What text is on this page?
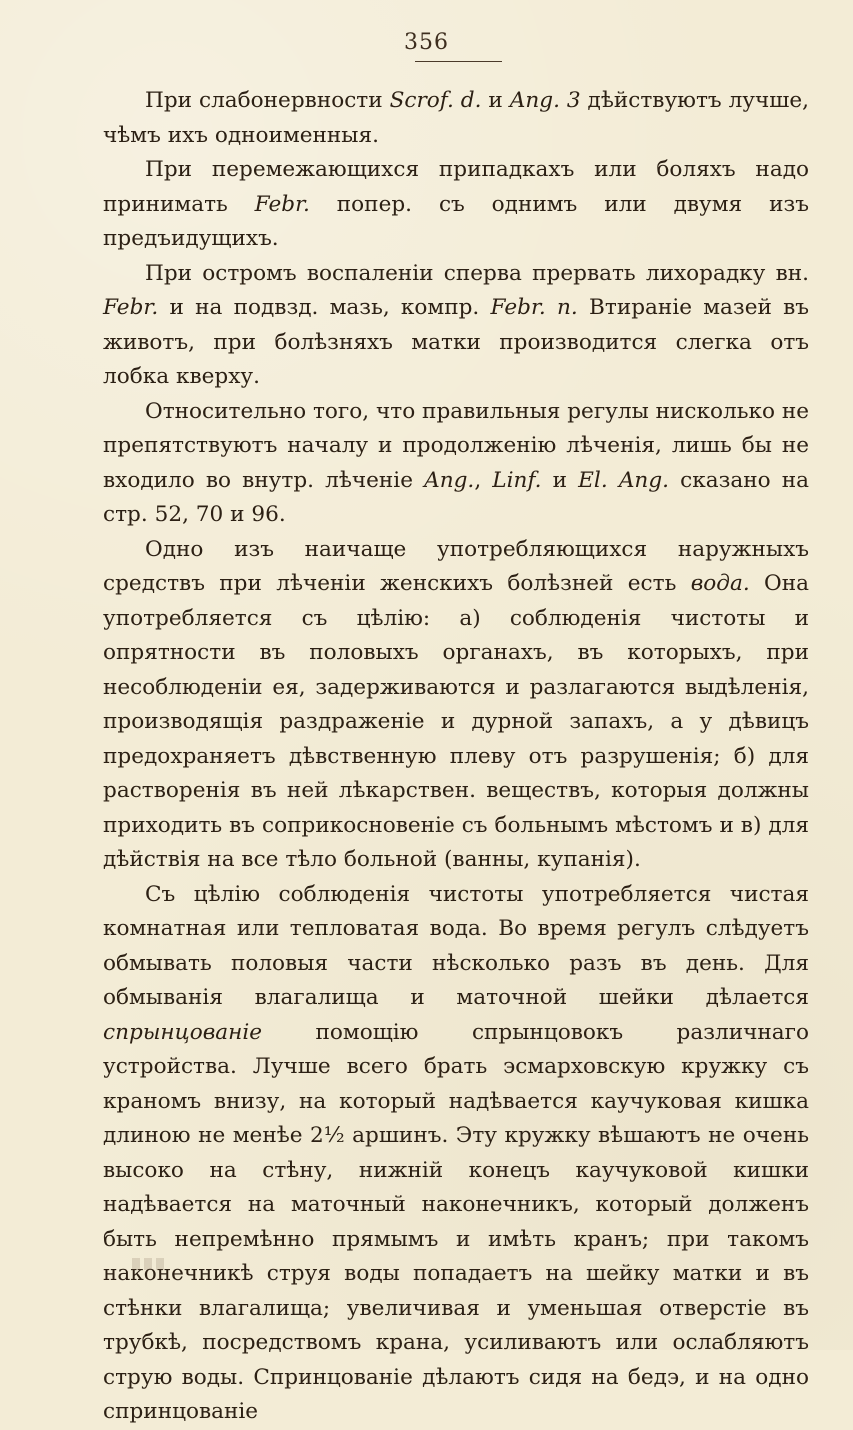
356

При слабонервности Scrof. d. и Ang. 3 дѣйствуютъ лучше, чѣмъ ихъ одноименныя.

При перемежающихся припадкахъ или боляхъ надо принимать Febr. попер. съ однимъ или двумя изъ предъидущихъ.

При остромъ воспаленіи сперва прервать лихорадку вн. Febr. и на подвзд. мазь, компр. Febr. n. Втираніе мазей въ животъ, при болѣзняхъ матки производится слегка отъ лобка кверху.

Относительно того, что правильныя регулы нисколько не препятствуютъ началу и продолженію лѣченія, лишь бы не входило во внутр. лѣченіе Ang., Linf. и El. Ang. сказано на стр. 52, 70 и 96.

Одно изъ наичаще употребляющихся наружныхъ средствъ при лѣченіи женскихъ болѣзней есть вода. Она употребляется съ цѣлію: а) соблюденія чистоты и опрятности въ половыхъ органахъ, въ которыхъ, при несоблюденіи ея, задерживаются и разлагаются выдѣленія, производящія раздраженіе и дурной запахъ, а у дѣвицъ предохраняетъ дѣвственную плеву отъ разрушенія; б) для растворенія въ ней лѣкарствен. веществъ, которыя должны приходить въ соприкосновеніе съ больнымъ мѣстомъ и в) для дѣйствія на все тѣло больной (ванны, купанія).

Съ цѣлію соблюденія чистоты употребляется чистая комнатная или тепловатая вода. Во время регулъ слѣдуетъ обмывать половыя части нѣсколько разъ въ день. Для обмыванія влагалища и маточной шейки дѣлается спрынцованіе помощію спрынцовокъ различнаго устройства. Лучше всего брать эсмарховскую кружку съ краномъ внизу, на который надѣвается каучуковая кишка длиною не менѣе 2½ аршинъ. Эту кружку вѣшаютъ не очень высоко на стѣну, нижній конецъ каучуковой кишки надѣвается на маточный наконечникъ, который долженъ быть непремѣнно прямымъ и имѣть кранъ; при такомъ наконечникѣ струя воды попадаетъ на шейку матки и въ стѣнки влагалища; увеличивая и уменьшая отверстіе въ трубкѣ, посредствомъ крана, усиливаютъ или ослабляютъ струю воды. Спринцованіе дѣлаютъ сидя на бедэ, и на одно спринцованіе
